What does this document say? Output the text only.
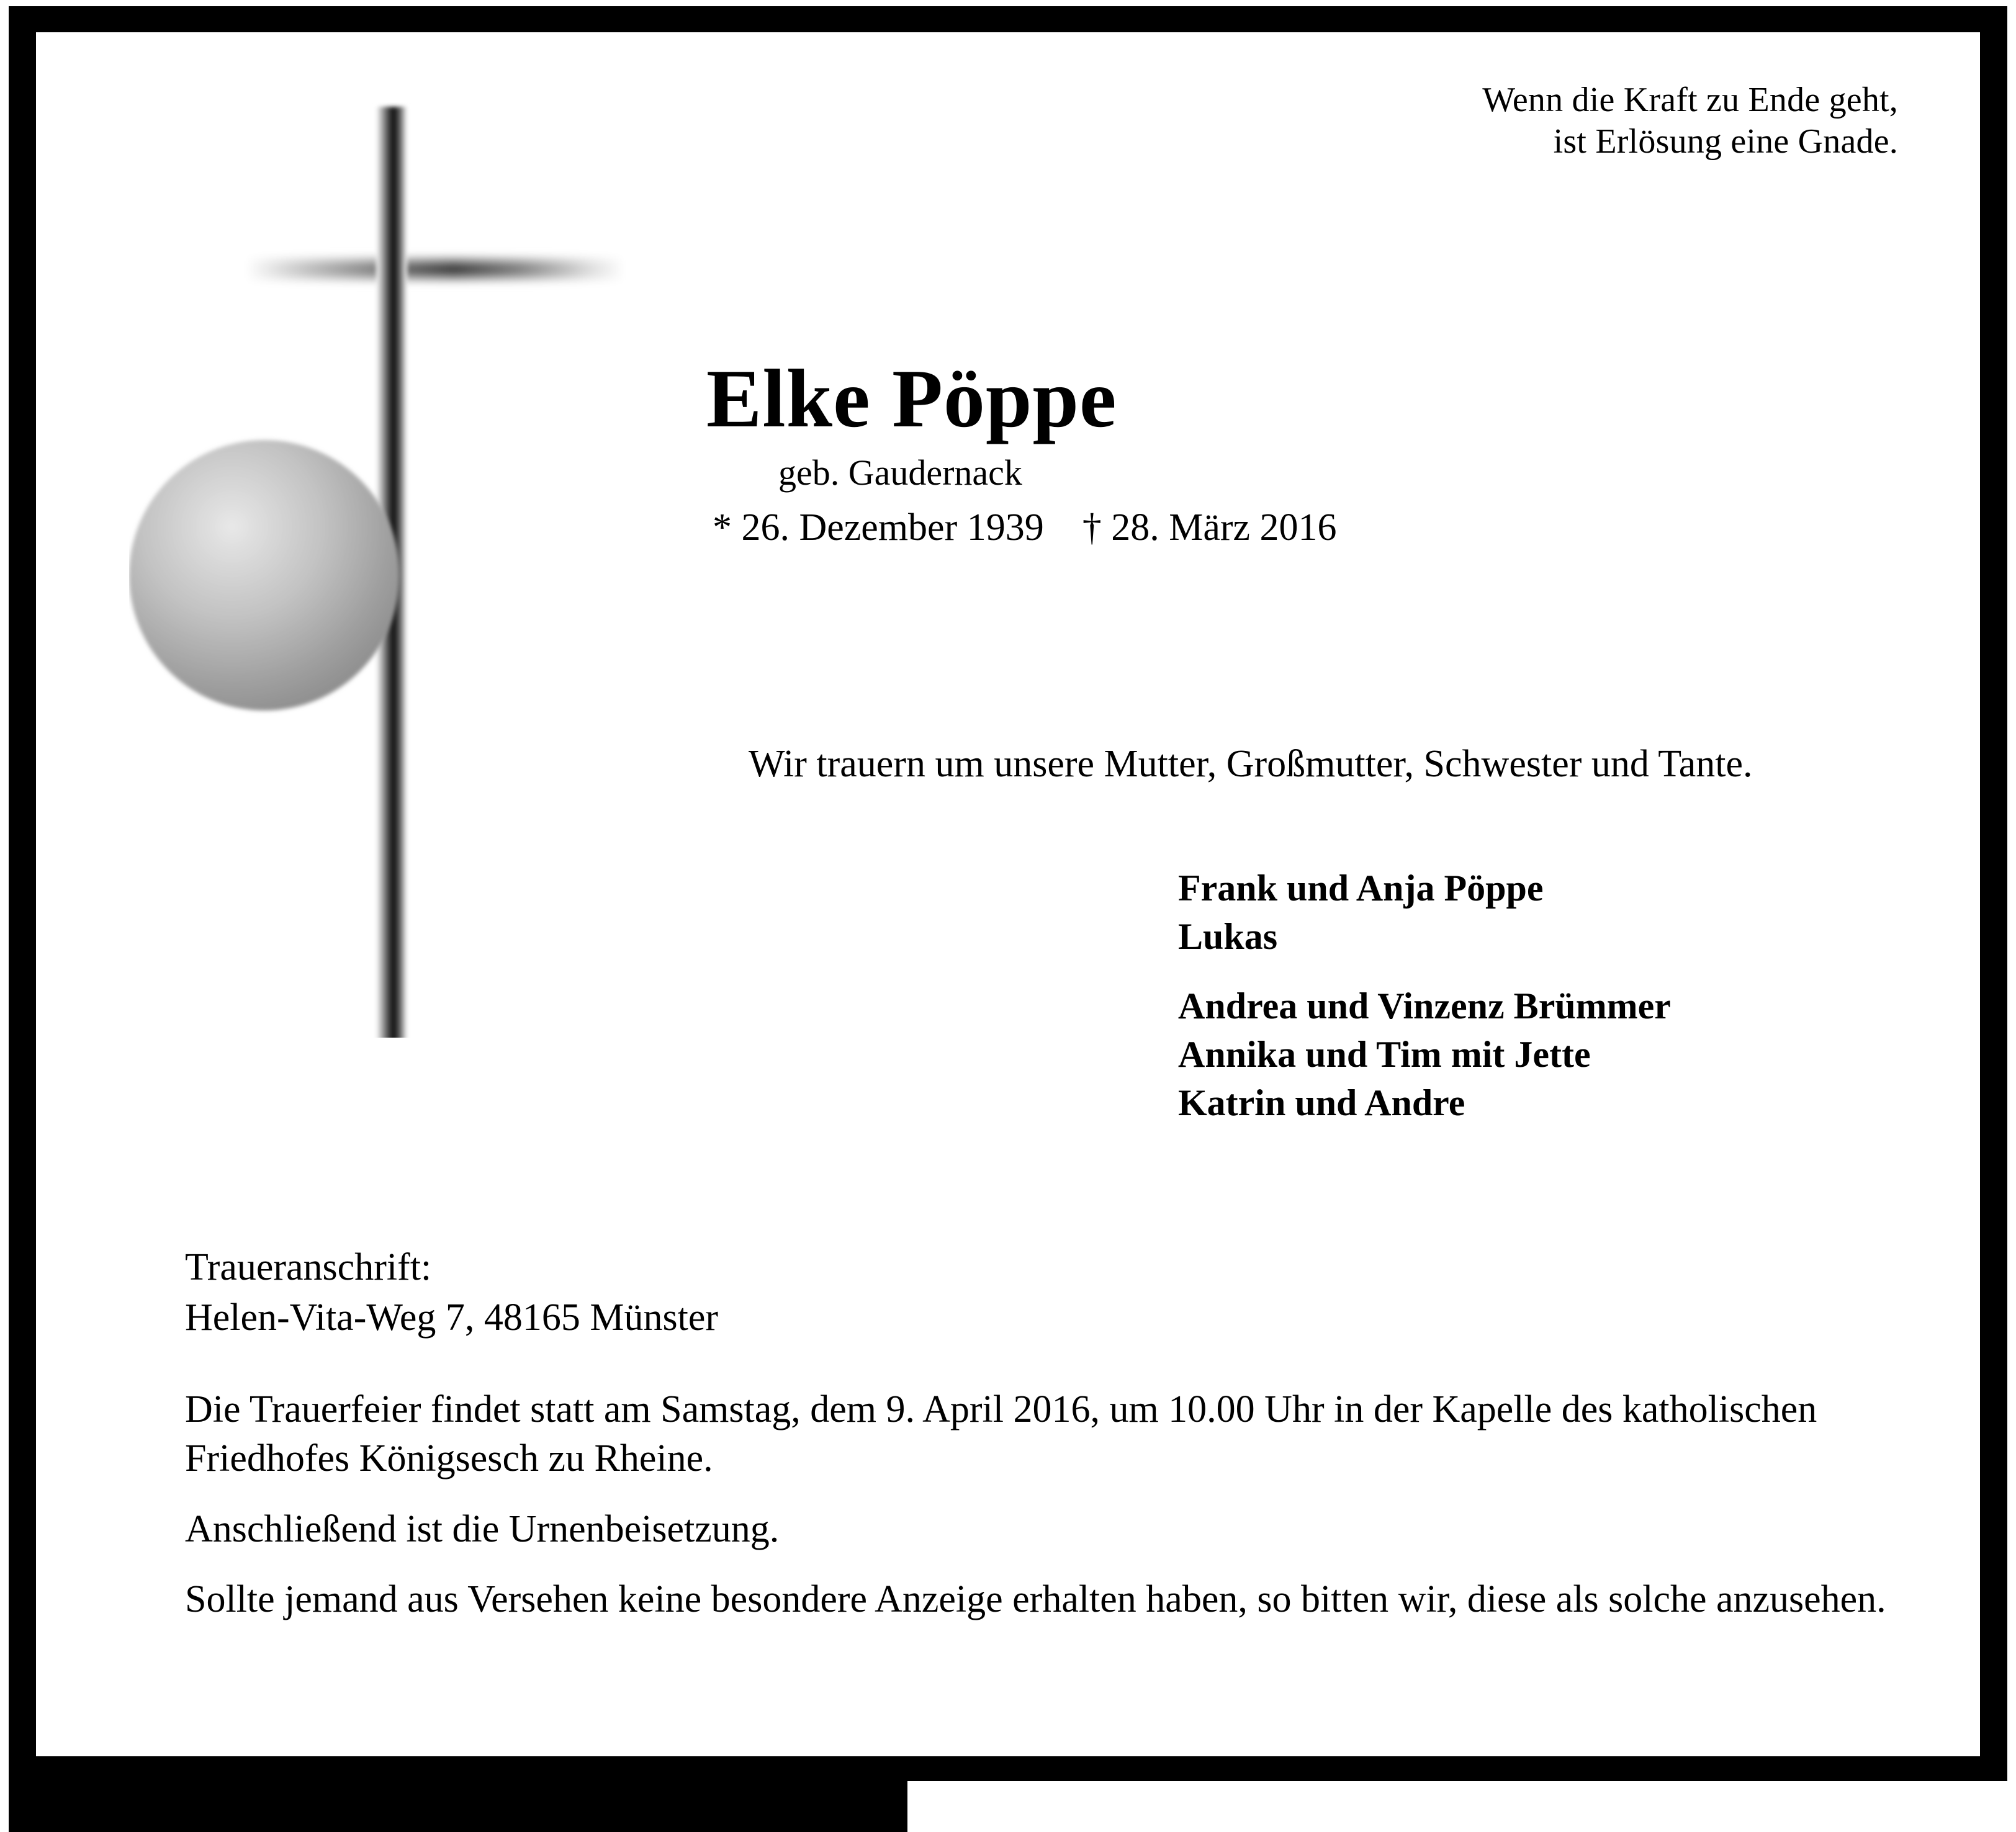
Wenn die Kraft zu Ende geht,
ist Erlösung eine Gnade.
Elke Pöppe
geb. Gaudernack
* 26. Dezember 1939    † 28. März 2016
Wir trauern um unsere Mutter, Großmutter, Schwester und Tante.
Frank und Anja Pöppe
Lukas
Andrea und Vinzenz Brümmer
Annika und Tim mit Jette
Katrin und Andre
Traueranschrift:
Helen-Vita-Weg 7, 48165 Münster

Die Trauerfeier findet statt am Samstag, dem 9. April 2016, um 10.00 Uhr in der Kapelle des katholischen Friedhofes Königsesch zu Rheine.

Anschließend ist die Urnenbeisetzung.

Sollte jemand aus Versehen keine besondere Anzeige erhalten haben, so bitten wir, diese als solche anzusehen.
